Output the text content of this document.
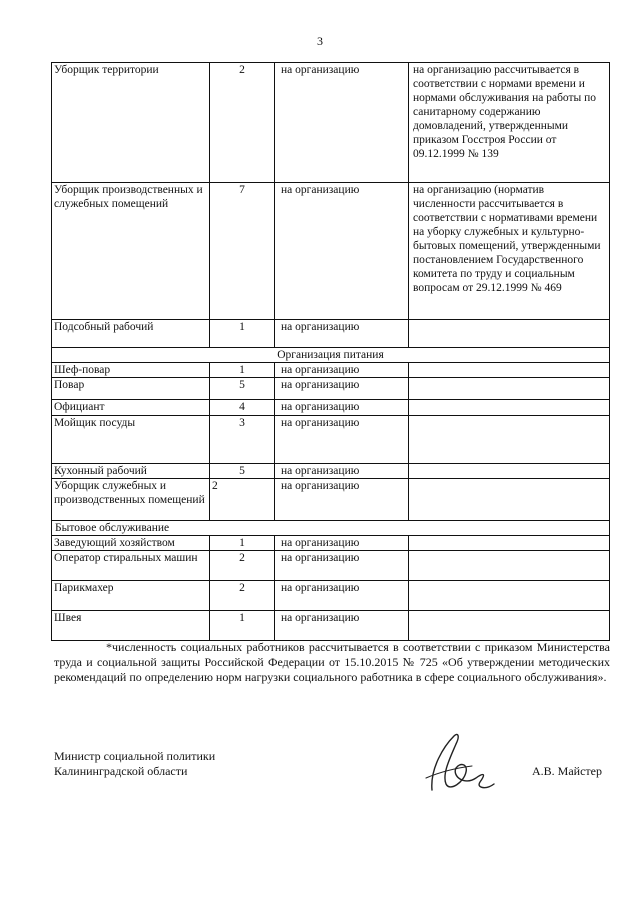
3
Уборщик территории	2	на организацию	на организацию рассчитывается в соответствии с нормами времени и нормами обслуживания на работы по санитарному содержанию домовладений, утвержденными приказом Госстроя России от 09.12.1999 № 139
Уборщик производственных и служебных помещений	7	на организацию	на организацию (норматив численности рассчитывается в соответствии с нормативами времени на уборку служебных и культурно-бытовых помещений, утвержденными постановлением Государственного комитета по труду и социальным вопросам от 29.12.1999 № 469
Подсобный рабочий	1	на организацию	
Организация питания			
Шеф-повар	1	на организацию	
Повар	5	на организацию	
Официант	4	на организацию	
Мойщик посуды	3	на организацию	
Кухонный рабочий	5	на организацию	
Уборщик служебных и производственных помещений	2	на организацию	
Бытовое обслуживание			
Заведующий хозяйством	1	на организацию	
Оператор стиральных машин	2	на организацию	
Парикмахер	2	на организацию	
Швея	1	на организацию	
*численность социальных работников рассчитывается в соответствии с приказом Министерства труда и социальной защиты Российской Федерации от 15.10.2015 № 725 «Об утверждении методических рекомендаций по определению норм нагрузки социального работника в сфере социального обслуживания».
Министр социальной политики
Калининградской области	А.В. Майстер
